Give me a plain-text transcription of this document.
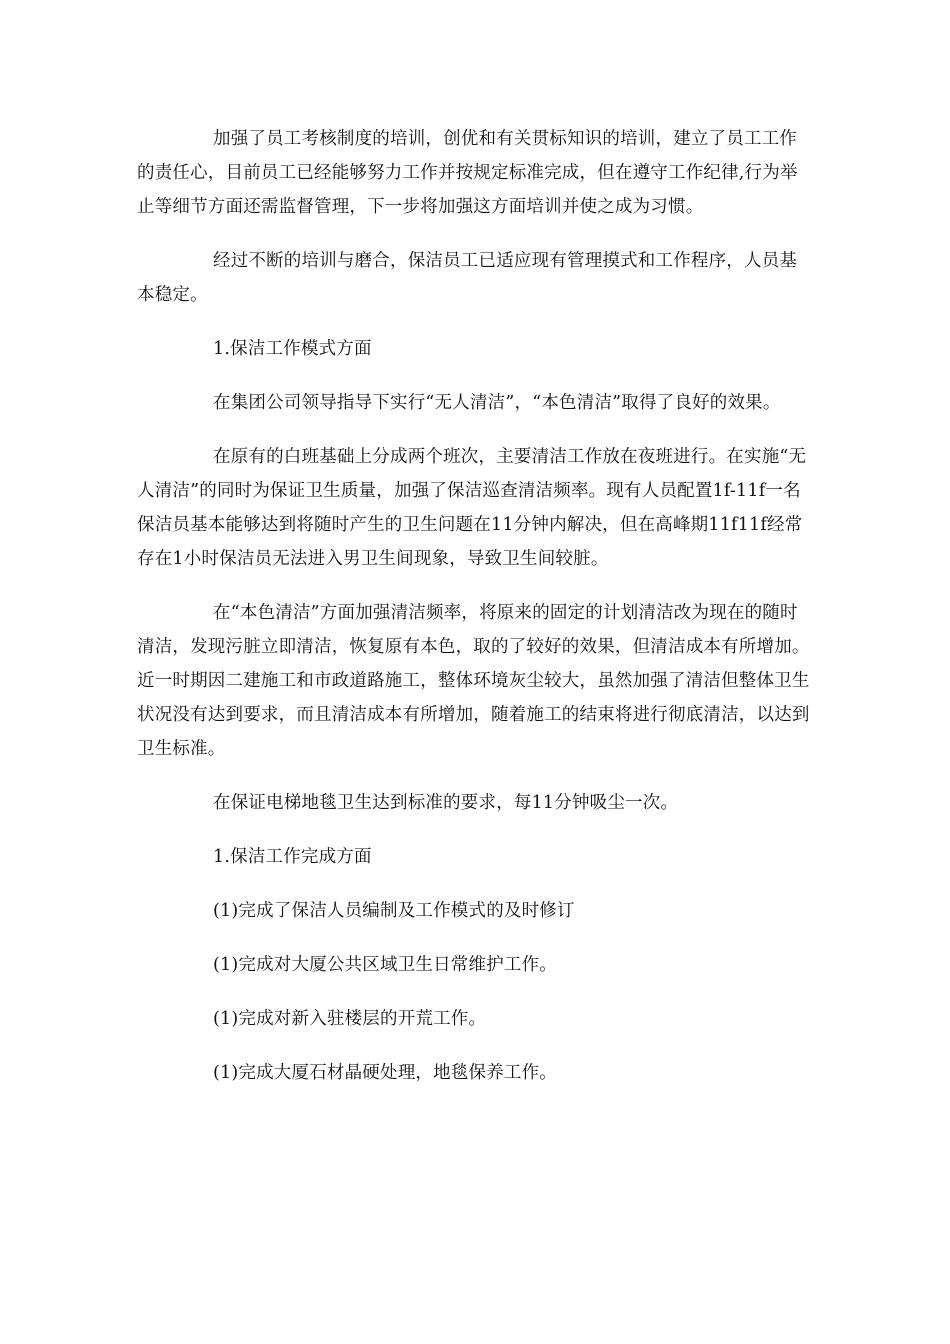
加强了员工考核制度的培训，创优和有关贯标知识的培训，建立了员工工作的责任心，目前员工已经能够努力工作并按规定标准完成，但在遵守工作纪律,行为举止等细节方面还需监督管理，下一步将加强这方面培训并使之成为习惯。

经过不断的培训与磨合，保洁员工已适应现有管理摸式和工作程序，人员基本稳定。

1.保洁工作模式方面

在集团公司领导指导下实行“无人清洁”，“本色清洁”取得了良好的效果。

在原有的白班基础上分成两个班次，主要清洁工作放在夜班进行。在实施“无人清洁”的同时为保证卫生质量，加强了保洁巡查清洁频率。现有人员配置1f-11f一名保洁员基本能够达到将随时产生的卫生问题在11分钟内解决，但在高峰期11f11f经常存在1小时保洁员无法进入男卫生间现象，导致卫生间较脏。

在“本色清洁”方面加强清洁频率，将原来的固定的计划清洁改为现在的随时清洁，发现污脏立即清洁，恢复原有本色，取的了较好的效果，但清洁成本有所增加。近一时期因二建施工和市政道路施工，整体环境灰尘较大，虽然加强了清洁但整体卫生状况没有达到要求，而且清洁成本有所增加，随着施工的结束将进行彻底清洁，以达到卫生标准。

在保证电梯地毯卫生达到标准的要求，每11分钟吸尘一次。

1.保洁工作完成方面

(1)完成了保洁人员编制及工作模式的及时修订

(1)完成对大厦公共区域卫生日常维护工作。

(1)完成对新入驻楼层的开荒工作。

(1)完成大厦石材晶硬处理，地毯保养工作。
